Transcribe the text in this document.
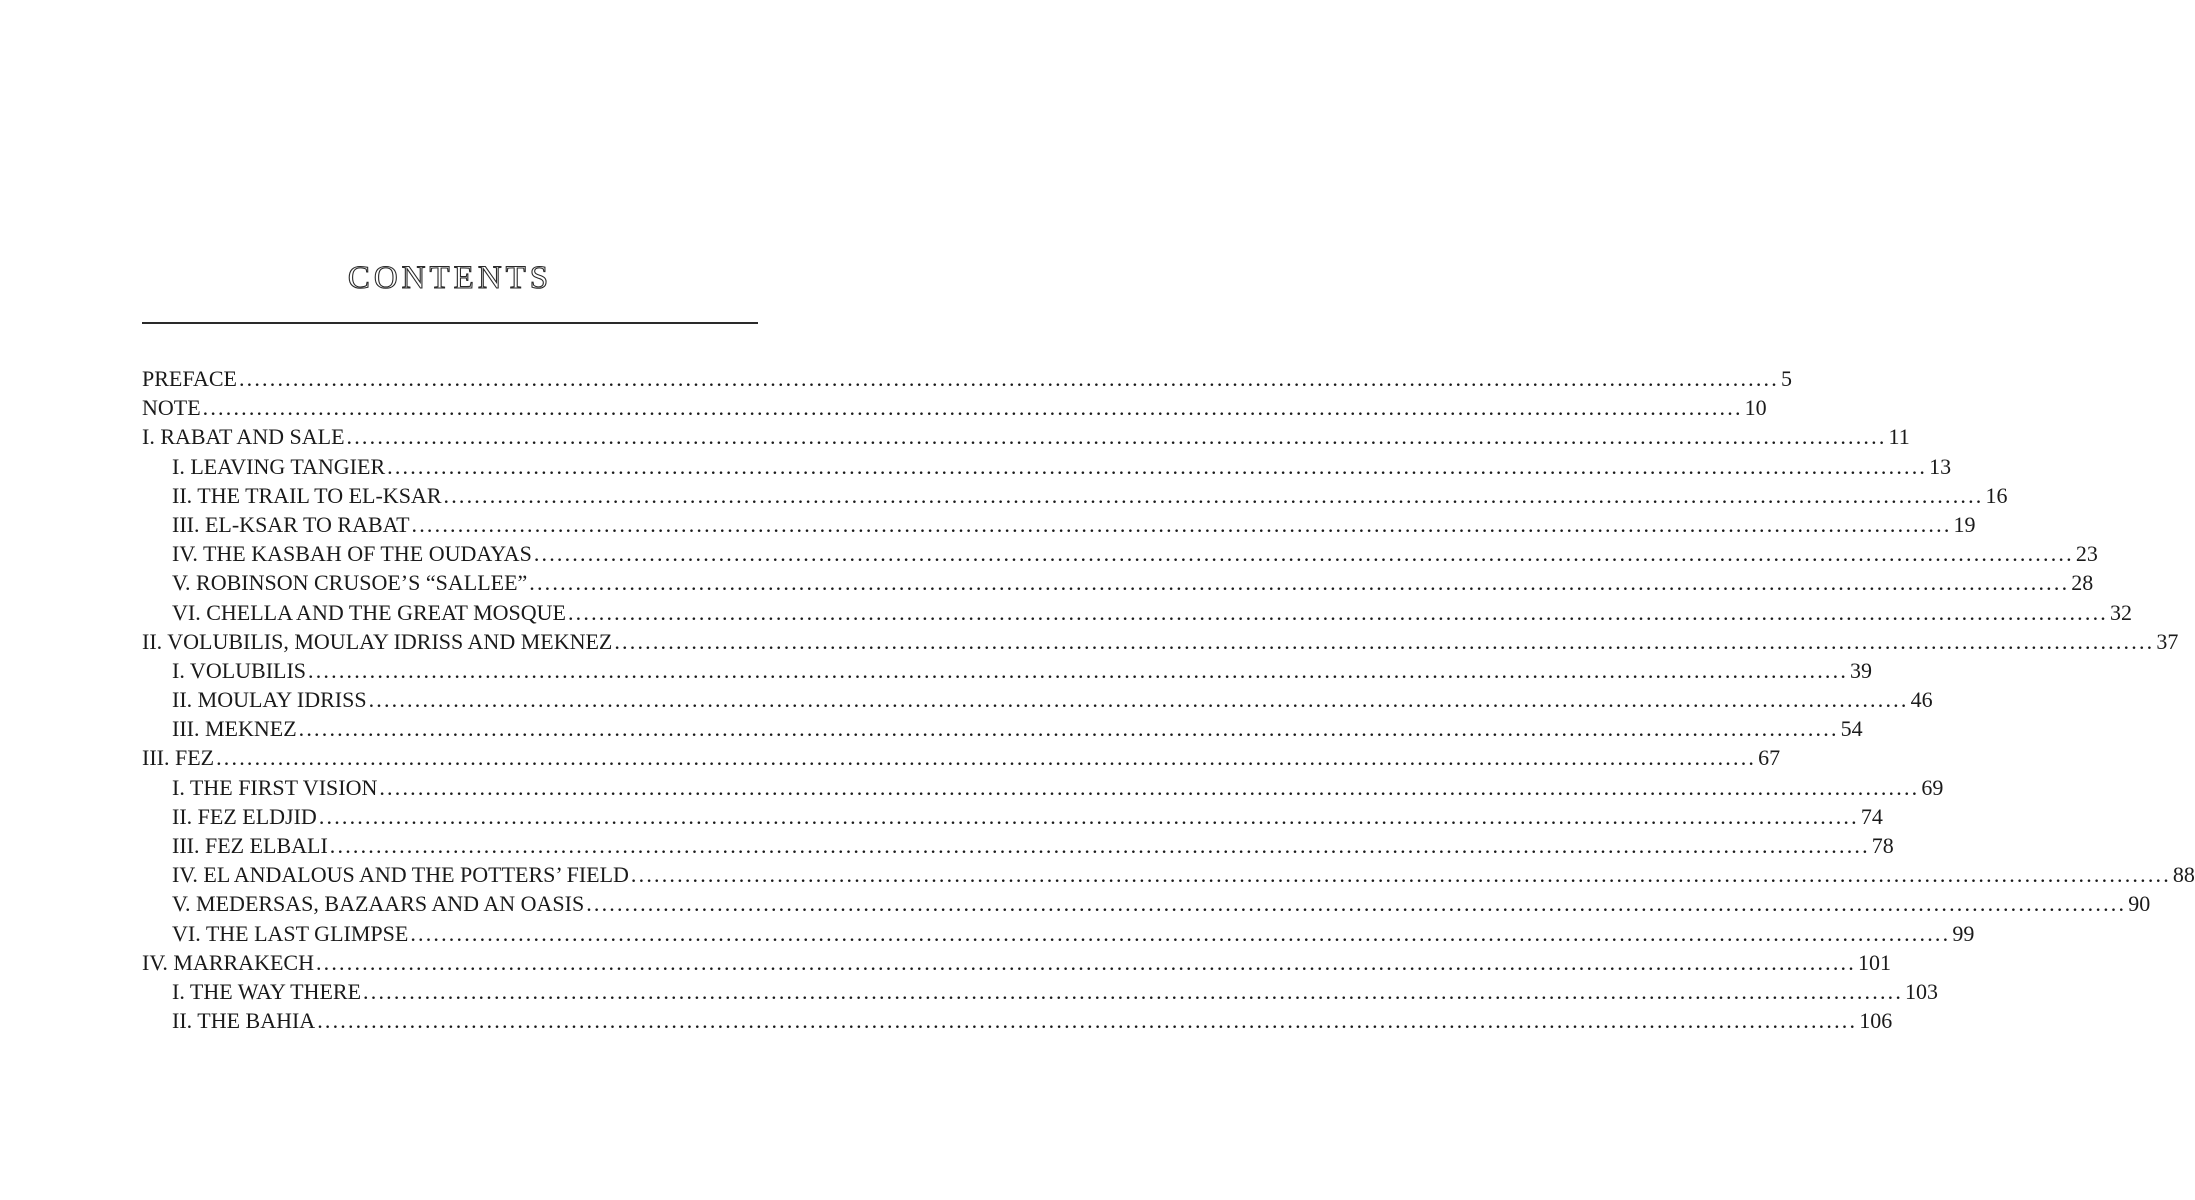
CONTENTS
PREFACE ........................................................................................................................................................................................................ 5
NOTE ........................................................................................................................................................................................................ 10
I. RABAT AND SALE ........................................................................................................................................................................................................ 11
I. LEAVING TANGIER ........................................................................................................................................................................................................ 13
II. THE TRAIL TO EL-KSAR ........................................................................................................................................................................................................ 16
III. EL-KSAR TO RABAT ........................................................................................................................................................................................................ 19
IV. THE KASBAH OF THE OUDAYAS ........................................................................................................................................................................................................ 23
V. ROBINSON CRUSOE’S “SALLEE” ........................................................................................................................................................................................................ 28
VI. CHELLA AND THE GREAT MOSQUE ........................................................................................................................................................................................................ 32
II. VOLUBILIS, MOULAY IDRISS AND MEKNEZ ........................................................................................................................................................................................................ 37
I. VOLUBILIS ........................................................................................................................................................................................................ 39
II. MOULAY IDRISS ........................................................................................................................................................................................................ 46
III. MEKNEZ ........................................................................................................................................................................................................ 54
III. FEZ ........................................................................................................................................................................................................ 67
I. THE FIRST VISION ........................................................................................................................................................................................................ 69
II. FEZ ELDJID ........................................................................................................................................................................................................ 74
III. FEZ ELBALI ........................................................................................................................................................................................................ 78
IV. EL ANDALOUS AND THE POTTERS’ FIELD ........................................................................................................................................................................................................ 88
V. MEDERSAS, BAZAARS AND AN OASIS ........................................................................................................................................................................................................ 90
VI. THE LAST GLIMPSE ........................................................................................................................................................................................................ 99
IV. MARRAKECH ........................................................................................................................................................................................................ 101
I. THE WAY THERE ........................................................................................................................................................................................................ 103
II. THE BAHIA ........................................................................................................................................................................................................ 106
